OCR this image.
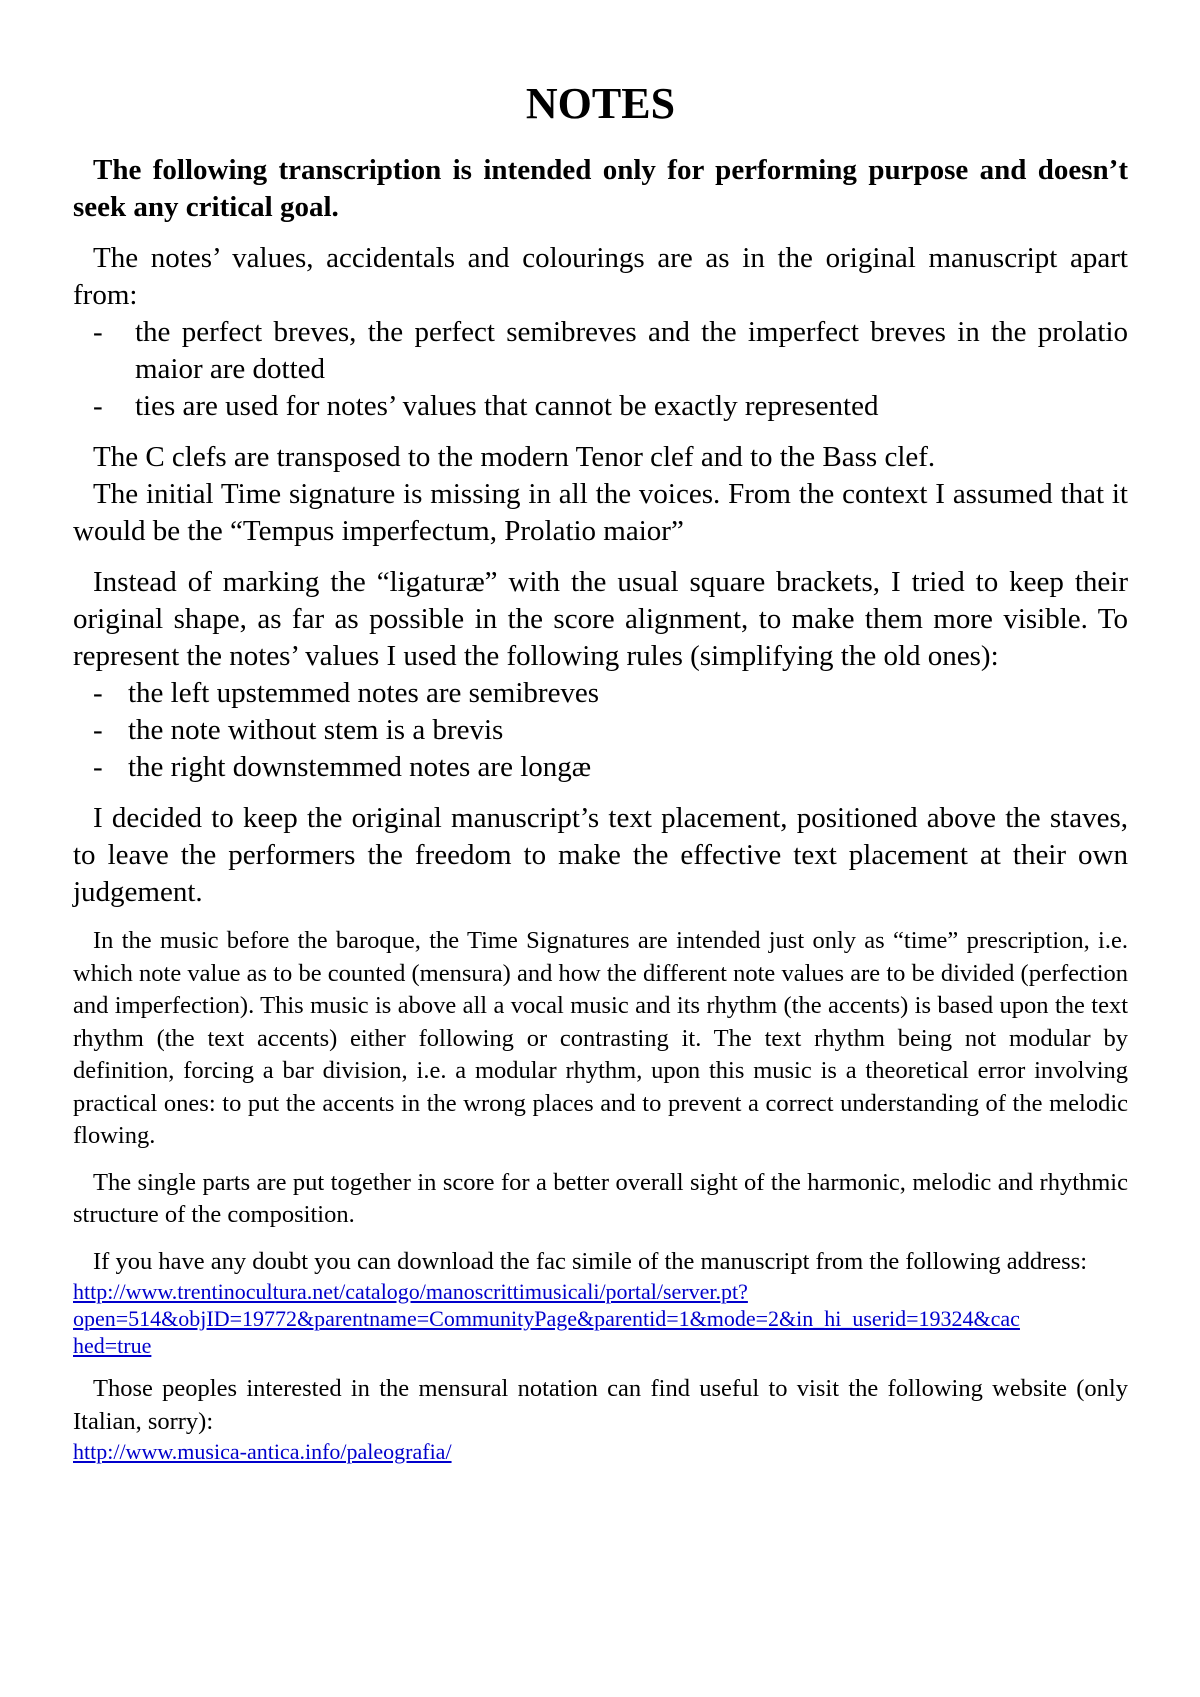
NOTES

The following transcription is intended only for performing purpose and doesn’t seek any critical goal.

The notes’ values, accidentals and colourings are as in the original manuscript apart from:

- the perfect breves, the perfect semibreves and the imperfect breves in the prolatio maior are dotted
- ties are used for notes’ values that cannot be exactly represented

The C clefs are transposed to the modern Tenor clef and to the Bass clef.

The initial Time signature is missing in all the voices. From the context I assumed that it would be the “Tempus imperfectum, Prolatio maior”

Instead of marking the “ligaturæ” with the usual square brackets, I tried to keep their original shape, as far as possible in the score alignment, to make them more visible. To represent the notes’ values I used the following rules (simplifying the old ones):

- the left upstemmed notes are semibreves
- the note without stem is a brevis
- the right downstemmed notes are longæ

I decided to keep the original manuscript’s text placement, positioned above the staves, to leave the performers the freedom to make the effective text placement at their own judgement.

In the music before the baroque, the Time Signatures are intended just only as “time” prescription, i.e. which note value as to be counted (mensura) and how the different note values are to be divided (perfection and imperfection). This music is above all a vocal music and its rhythm (the accents) is based upon the text rhythm (the text accents) either following or contrasting it. The text rhythm being not modular by definition, forcing a bar division, i.e. a modular rhythm, upon this music is a theoretical error involving practical ones: to put the accents in the wrong places and to prevent a correct understanding of the melodic flowing.

The single parts are put together in score for a better overall sight of the harmonic, melodic and rhythmic structure of the composition.

If you have any doubt you can download the fac simile of the manuscript from the following address:

http://www.trentinocultura.net/catalogo/manoscrittimusicali/portal/server.pt?
open=514&objID=19772&parentname=CommunityPage&parentid=1&mode=2&in_hi_userid=19324&cac
hed=true

Those peoples interested in the mensural notation can find useful to visit the following website (only Italian, sorry):

http://www.musica-antica.info/paleografia/
